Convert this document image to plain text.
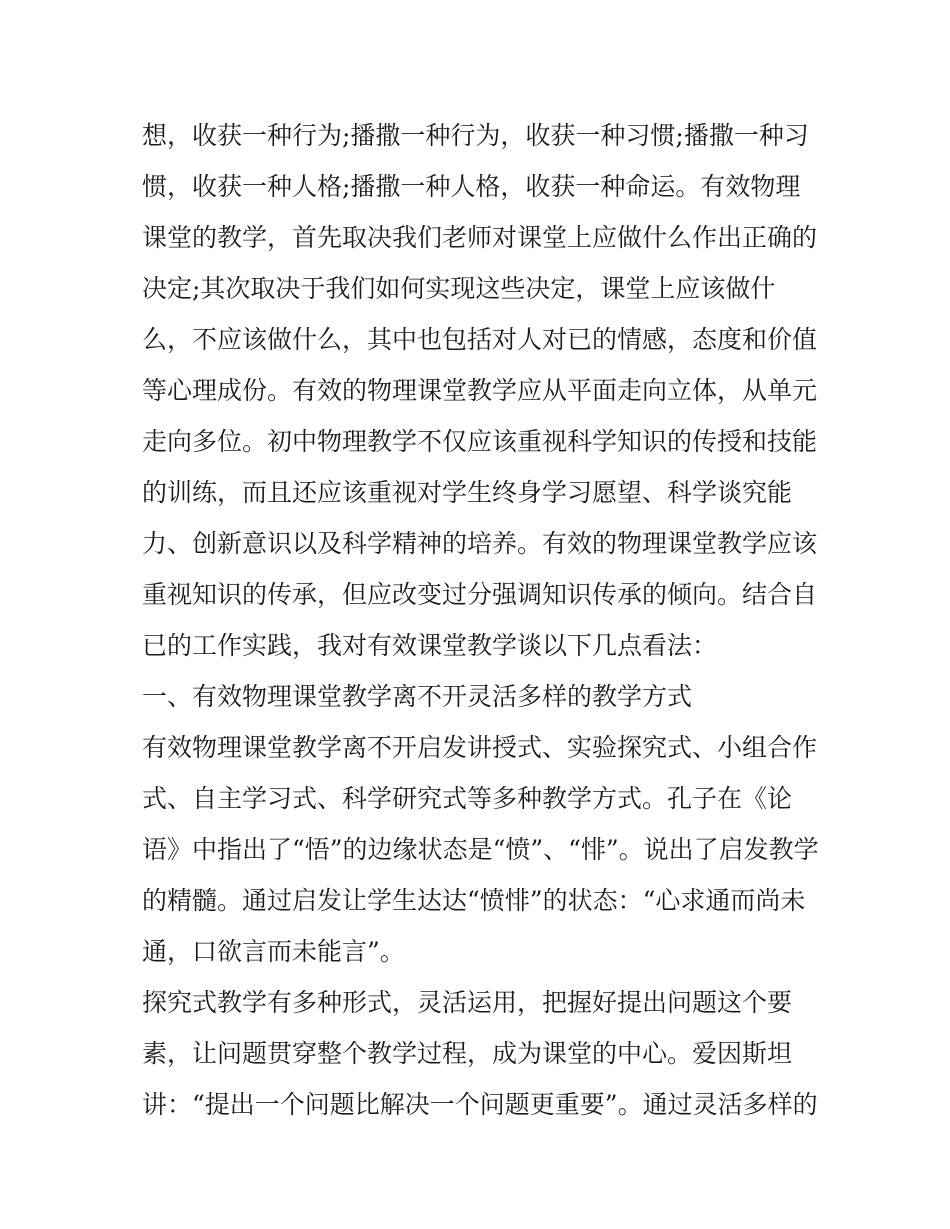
想，收获一种行为;播撒一种行为，收获一种习惯;播撒一种习
惯，收获一种人格;播撒一种人格，收获一种命运。有效物理
课堂的教学，首先取决我们老师对课堂上应做什么作出正确的
决定;其次取决于我们如何实现这些决定，课堂上应该做什
么，不应该做什么，其中也包括对人对已的情感，态度和价值
等心理成份。有效的物理课堂教学应从平面走向立体，从单元
走向多位。初中物理教学不仅应该重视科学知识的传授和技能
的训练，而且还应该重视对学生终身学习愿望、科学谈究能
力、创新意识以及科学精神的培养。有效的物理课堂教学应该
重视知识的传承，但应改变过分强调知识传承的倾向。结合自
已的工作实践，我对有效课堂教学谈以下几点看法：
一、有效物理课堂教学离不开灵活多样的教学方式
有效物理课堂教学离不开启发讲授式、实验探究式、小组合作
式、自主学习式、科学研究式等多种教学方式。孔子在《论
语》中指出了“悟”的边缘状态是“愤”、“悱”。说出了启发教学
的精髓。通过启发让学生达达“愤悱”的状态：“心求通而尚未
通，口欲言而未能言”。
探究式教学有多种形式，灵活运用，把握好提出问题这个要
素，让问题贯穿整个教学过程，成为课堂的中心。爱因斯坦
讲：“提出一个问题比解决一个问题更重要”。通过灵活多样的
